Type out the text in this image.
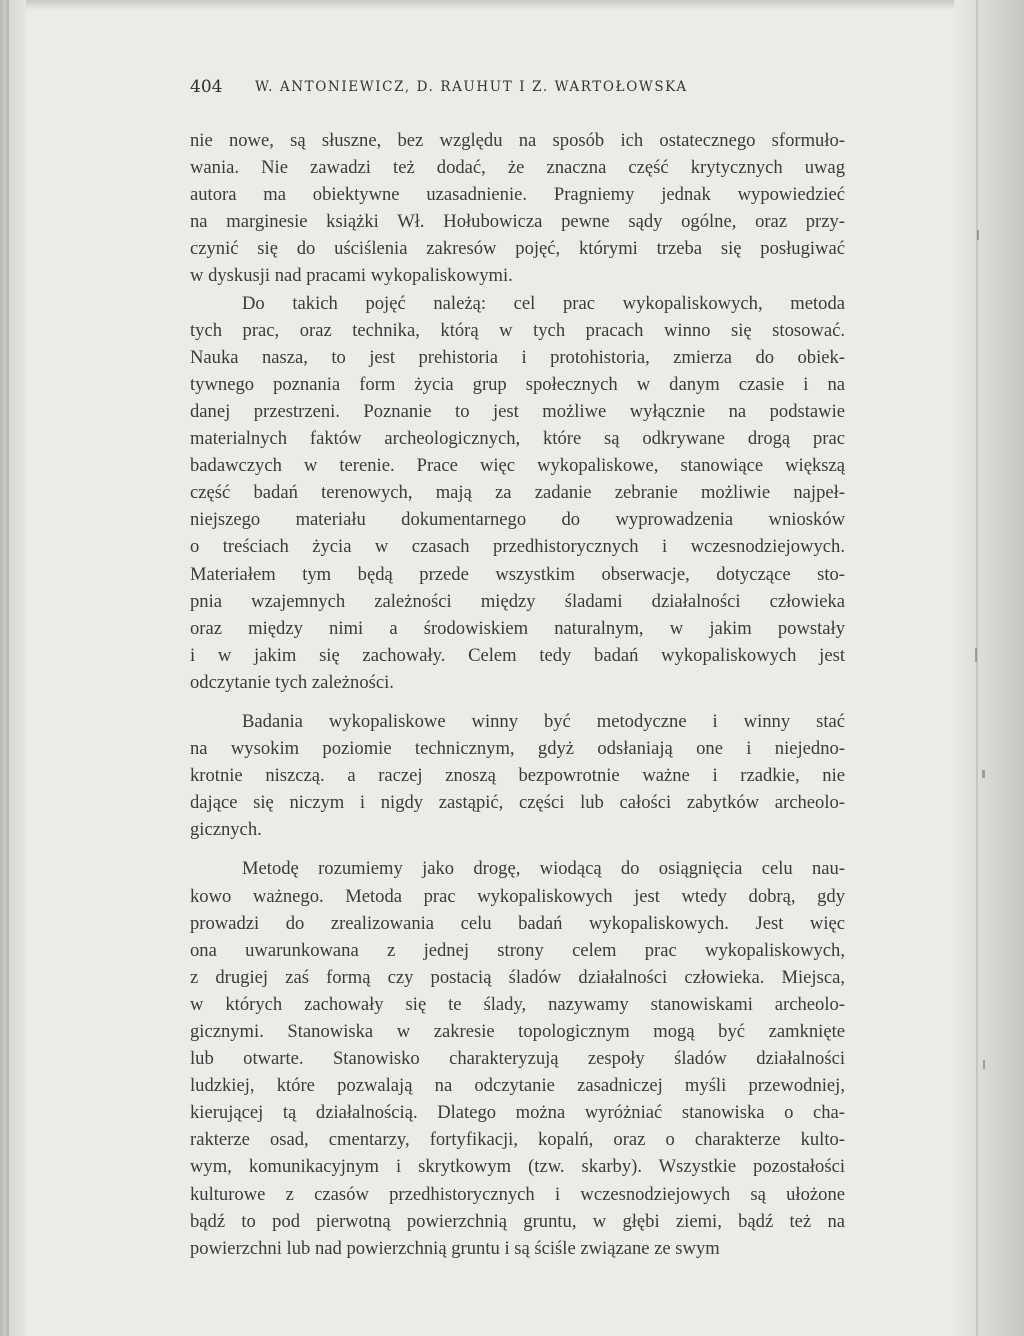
404 W. ANTONIEWICZ, D. RAUHUT I Z. WARTOŁOWSKA
nie nowe, są słuszne, bez względu na sposób ich ostatecznego sformuło-
wania. Nie zawadzi też dodać, że znaczna część krytycznych uwag
autora ma obiektywne uzasadnienie. Pragniemy jednak wypowiedzieć
na marginesie książki Wł. Hołubowicza pewne sądy ogólne, oraz przy-
czynić się do uściślenia zakresów pojęć, którymi trzeba się posługiwać
w dyskusji nad pracami wykopaliskowymi.
Do takich pojęć należą: cel prac wykopaliskowych, metoda
tych prac, oraz technika, którą w tych pracach winno się stosować.
Nauka nasza, to jest prehistoria i protohistoria, zmierza do obiek-
tywnego poznania form życia grup społecznych w danym czasie i na
danej przestrzeni. Poznanie to jest możliwe wyłącznie na podstawie
materialnych faktów archeologicznych, które są odkrywane drogą prac
badawczych w terenie. Prace więc wykopaliskowe, stanowiące większą
część badań terenowych, mają za zadanie zebranie możliwie najpeł-
niejszego materiału dokumentarnego do wyprowadzenia wniosków
o treściach życia w czasach przedhistorycznych i wczesnodziejowych.
Materiałem tym będą przede wszystkim obserwacje, dotyczące sto-
pnia wzajemnych zależności między śladami działalności człowieka
oraz między nimi a środowiskiem naturalnym, w jakim powstały
i w jakim się zachowały. Celem tedy badań wykopaliskowych jest
odczytanie tych zależności.
Badania wykopaliskowe winny być metodyczne i winny stać
na wysokim poziomie technicznym, gdyż odsłaniają one i niejedno-
krotnie niszczą. a raczej znoszą bezpowrotnie ważne i rzadkie, nie
dające się niczym i nigdy zastąpić, części lub całości zabytków archeolo-
gicznych.
Metodę rozumiemy jako drogę, wiodącą do osiągnięcia celu nau-
kowo ważnego. Metoda prac wykopaliskowych jest wtedy dobrą, gdy
prowadzi do zrealizowania celu badań wykopaliskowych. Jest więc
ona uwarunkowana z jednej strony celem prac wykopaliskowych,
z drugiej zaś formą czy postacią śladów działalności człowieka. Miejsca,
w których zachowały się te ślady, nazywamy stanowiskami archeolo-
gicznymi. Stanowiska w zakresie topologicznym mogą być zamknięte
lub otwarte. Stanowisko charakteryzują zespoły śladów działalności
ludzkiej, które pozwalają na odczytanie zasadniczej myśli przewodniej,
kierującej tą działalnością. Dlatego można wyróżniać stanowiska o cha-
rakterze osad, cmentarzy, fortyfikacji, kopalń, oraz o charakterze kulto-
wym, komunikacyjnym i skrytkowym (tzw. skarby). Wszystkie pozostałości
kulturowe z czasów przedhistorycznych i wczesnodziejowych są ułożone
bądź to pod pierwotną powierzchnią gruntu, w głębi ziemi, bądź też na
powierzchni lub nad powierzchnią gruntu i są ściśle związane ze swym
